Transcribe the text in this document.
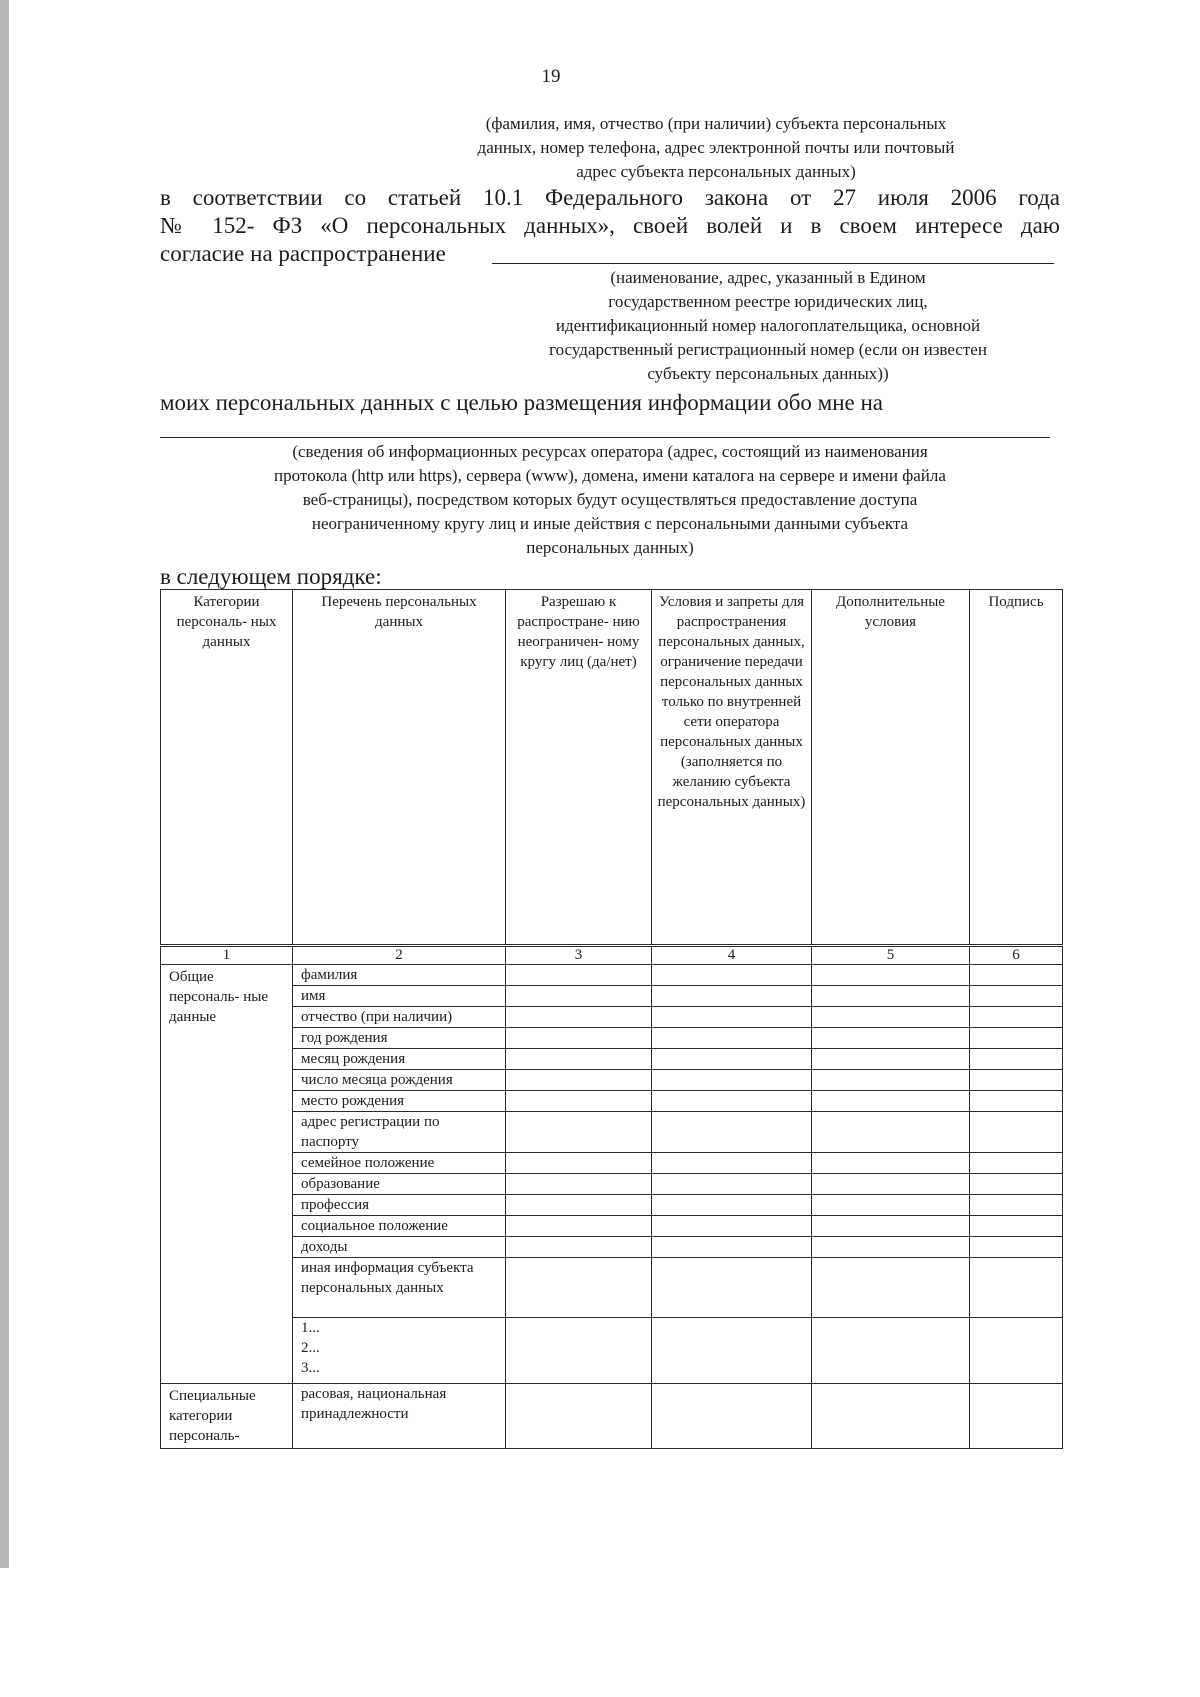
19
(фамилия, имя, отчество (при наличии) субъекта персональных
данных, номер телефона, адрес электронной почты или почтовый
адрес субъекта персональных данных)
в соответствии со статьей 10.1 Федерального закона от 27 июля 2006 года
№ 152- ФЗ «О персональных данных», своей волей и в своем интересе даю
согласие на распространение
(наименование, адрес, указанный в Едином
государственном реестре юридических лиц,
идентификационный номер налогоплательщика, основной
государственный регистрационный номер (если он известен
субъекту персональных данных))
моих персональных данных с целью размещения информации обо мне на
(сведения об информационных ресурсах оператора (адрес, состоящий из наименования
протокола (http или https), сервера (www), домена, имени каталога на сервере и имени файла
веб-страницы), посредством которых будут осуществляться предоставление доступа
неограниченному кругу лиц и иные действия с персональными данными субъекта
персональных данных)
в следующем порядке:
Категории персональ- ных данных	Перечень персональных данных	Разрешаю к распростране- нию неограничен- ному кругу лиц (да/нет)	Условия и запреты для распространения персональных данных, ограничение передачи персональных данных только по внутренней сети оператора персональных данных (заполняется по желанию субъекта персональных данных)	Дополнительные условия	Подпись
1	2	3	4	5	6
Общие персональ- ные данные	фамилия				
	имя				
	отчество (при наличии)				
	год рождения				
	месяц рождения				
	число месяца рождения				
	место рождения				
	адрес регистрации по паспорту				
	семейное положение				
	образование				
	профессия				
	социальное положение				
	доходы				
	иная информация субъекта персональных данных				

	1...
2...
3...				

Специальные категории персональ-	расовая, национальная принадлежности				
